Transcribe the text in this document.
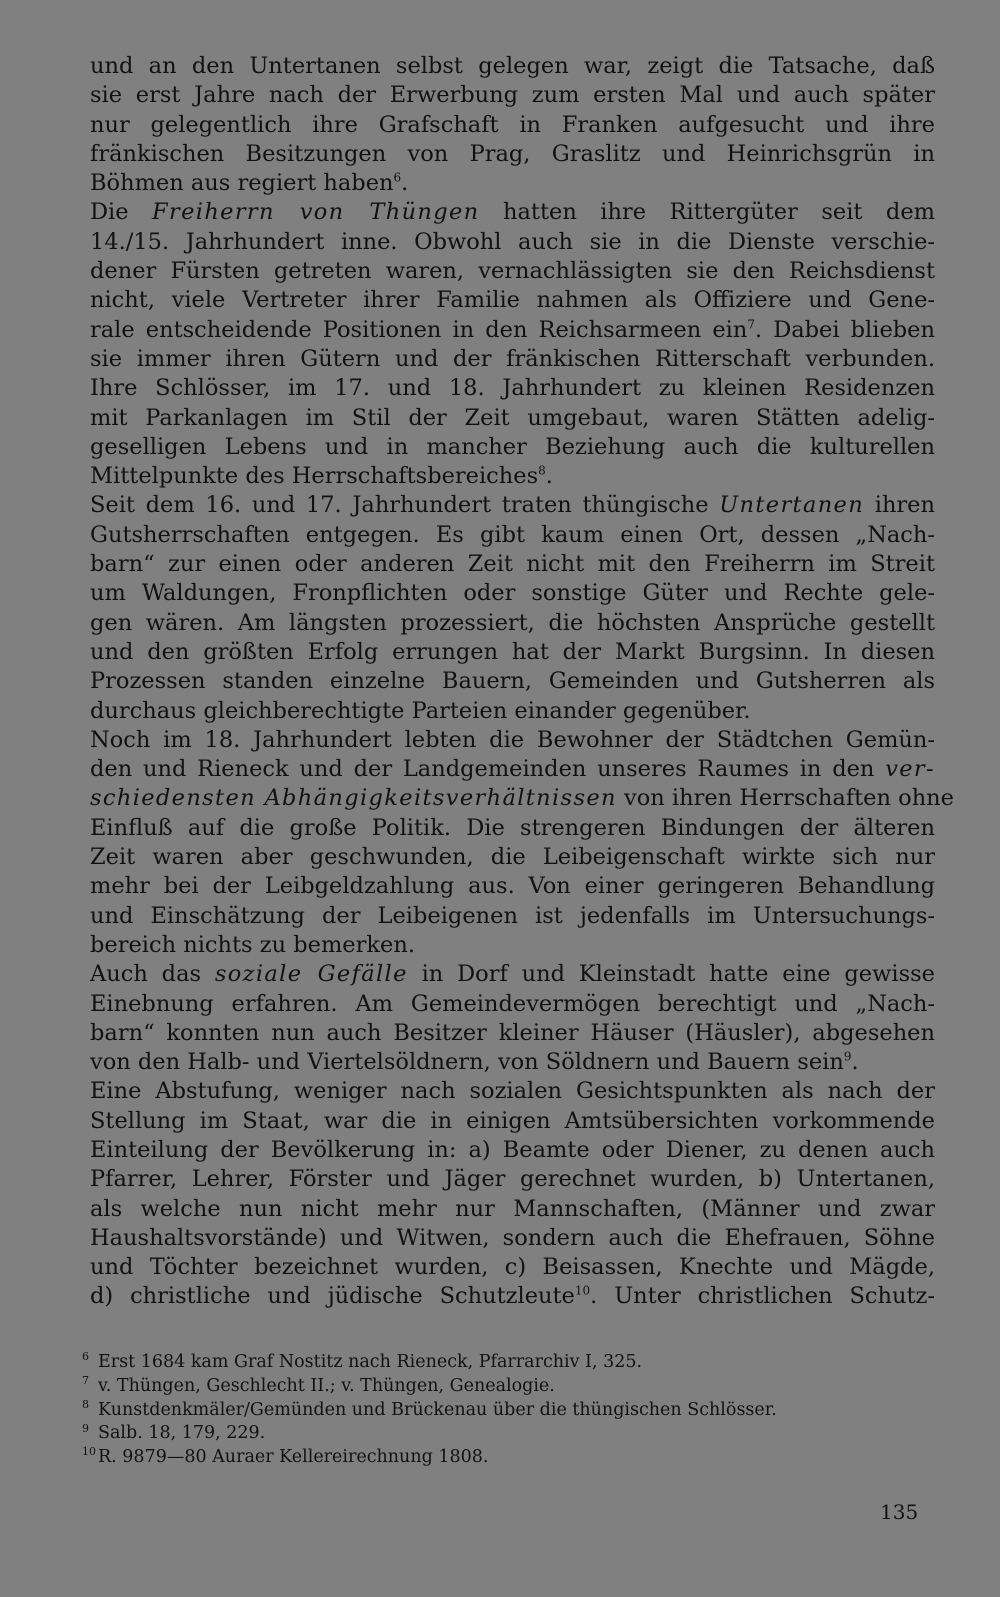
und an den Untertanen selbst gelegen war, zeigt die Tatsache, daß
sie erst Jahre nach der Erwerbung zum ersten Mal und auch später
nur gelegentlich ihre Grafschaft in Franken aufgesucht und ihre
fränkischen Besitzungen von Prag, Graslitz und Heinrichsgrün in
Böhmen aus regiert haben$^6$.
Die Freiherrn von Thüngen hatten ihre Rittergüter seit dem
14./15. Jahrhundert inne. Obwohl auch sie in die Dienste verschie-
dener Fürsten getreten waren, vernachlässigten sie den Reichsdienst
nicht, viele Vertreter ihrer Familie nahmen als Offiziere und Gene-
rale entscheidende Positionen in den Reichsarmeen ein$^7$. Dabei blieben
sie immer ihren Gütern und der fränkischen Ritterschaft verbunden.
Ihre Schlösser, im 17. und 18. Jahrhundert zu kleinen Residenzen
mit Parkanlagen im Stil der Zeit umgebaut, waren Stätten adelig-
geselligen Lebens und in mancher Beziehung auch die kulturellen
Mittelpunkte des Herrschaftsbereiches$^8$.
Seit dem 16. und 17. Jahrhundert traten thüngische Untertanen ihren
Gutsherrschaften entgegen. Es gibt kaum einen Ort, dessen „Nach-
barn“ zur einen oder anderen Zeit nicht mit den Freiherrn im Streit
um Waldungen, Fronpflichten oder sonstige Güter und Rechte gele-
gen wären. Am längsten prozessiert, die höchsten Ansprüche gestellt
und den größten Erfolg errungen hat der Markt Burgsinn. In diesen
Prozessen standen einzelne Bauern, Gemeinden und Gutsherren als
durchaus gleichberechtigte Parteien einander gegenüber.
Noch im 18. Jahrhundert lebten die Bewohner der Städtchen Gemün-
den und Rieneck und der Landgemeinden unseres Raumes in den ver-
schiedensten Abhängigkeitsverhältnissen von ihren Herrschaften ohne
Einfluß auf die große Politik. Die strengeren Bindungen der älteren
Zeit waren aber geschwunden, die Leibeigenschaft wirkte sich nur
mehr bei der Leibgeldzahlung aus. Von einer geringeren Behandlung
und Einschätzung der Leibeigenen ist jedenfalls im Untersuchungs-
bereich nichts zu bemerken.
Auch das soziale Gefälle in Dorf und Kleinstadt hatte eine gewisse
Einebnung erfahren. Am Gemeindevermögen berechtigt und „Nach-
barn“ konnten nun auch Besitzer kleiner Häuser (Häusler), abgesehen
von den Halb- und Viertelsöldnern, von Söldnern und Bauern sein$^9$.
Eine Abstufung, weniger nach sozialen Gesichtspunkten als nach der
Stellung im Staat, war die in einigen Amtsübersichten vorkommende
Einteilung der Bevölkerung in: a) Beamte oder Diener, zu denen auch
Pfarrer, Lehrer, Förster und Jäger gerechnet wurden, b) Untertanen,
als welche nun nicht mehr nur Mannschaften, (Männer und zwar
Haushaltsvorstände) und Witwen, sondern auch die Ehefrauen, Söhne
und Töchter bezeichnet wurden, c) Beisassen, Knechte und Mägde,
d) christliche und jüdische Schutzleute$^{10}$. Unter christlichen Schutz-
$^6$ Erst 1684 kam Graf Nostitz nach Rieneck, Pfarrarchiv I, 325.
$^7$ v. Thüngen, Geschlecht II.; v. Thüngen, Genealogie.
$^8$ Kunstdenkmäler/Gemünden und Brückenau über die thüngischen Schlösser.
$^9$ Salb. 18, 179, 229.
$^{10}$ R. 9879—80 Auraer Kellereirechnung 1808.
135
